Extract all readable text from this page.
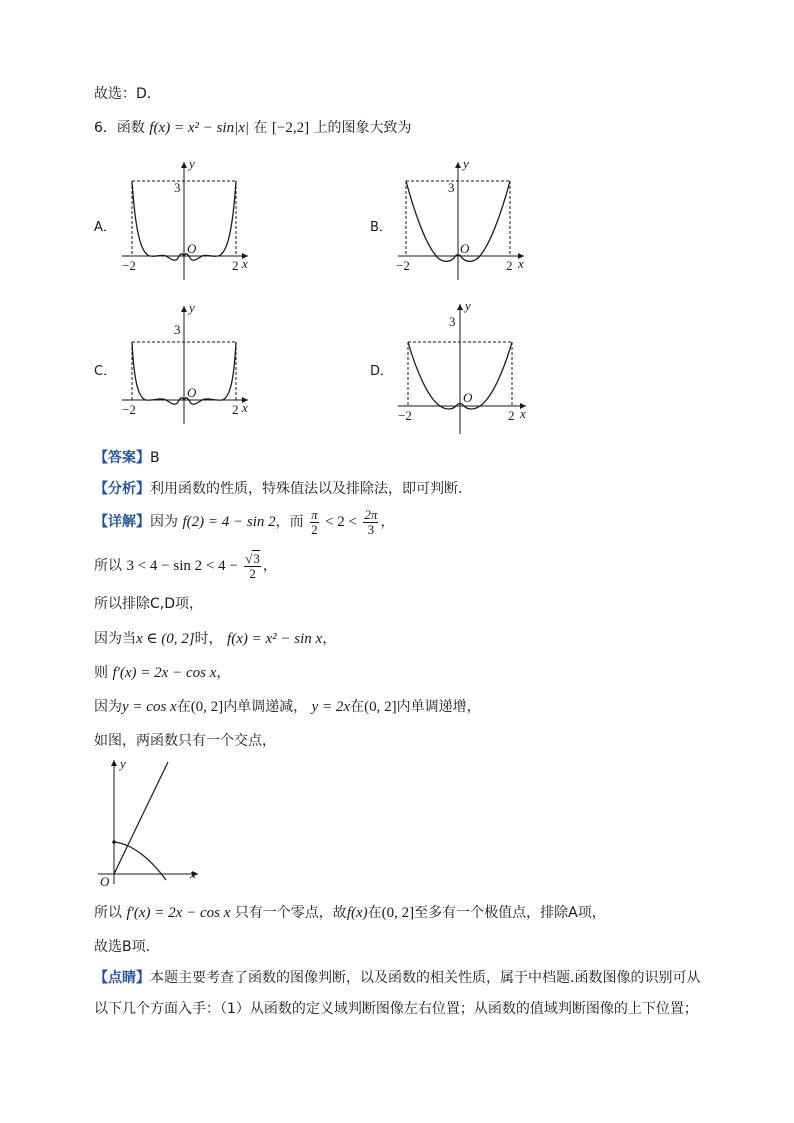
故选：D.
6．函数 f(x) = x² − sin|x| 在 [−2,2] 上的图象大致为
A．	B．
C．	D．
3
y
x
O
−2	2
3
y
x
O
−2	2
3
y
x
O
−2	2
3
y
x
O
−2	2
【答案】B
【分析】利用函数的性质，特殊值法以及排除法，即可判断.
【详解】因为 f(2) = 4 − sin 2，而 $\frac{\pi}{2} < 2 < \frac{2\pi}{3}$ ，
所以 $3 < 4 - \sin 2 < 4 - \frac{√3}{2}$ ，
所以排除C,D项，
因为当x ∈ (0, 2]时， f(x) = x² − sin x，
则 f′(x) = 2x − cos x，
因为y = cos x在(0, 2]内单调递减， y = 2x在(0, 2]内单调递增，
如图，两函数只有一个交点，
y
x
O
所以 f′(x) = 2x − cos x 只有一个零点，故f(x)在(0, 2]至多有一个极值点，排除A项，
故选B项.
【点睛】本题主要考查了函数的图像判断，以及函数的相关性质，属于中档题.函数图像的识别可从
以下几个方面入手：（1）从函数的定义域判断图像左右位置；从函数的值域判断图像的上下位置；
